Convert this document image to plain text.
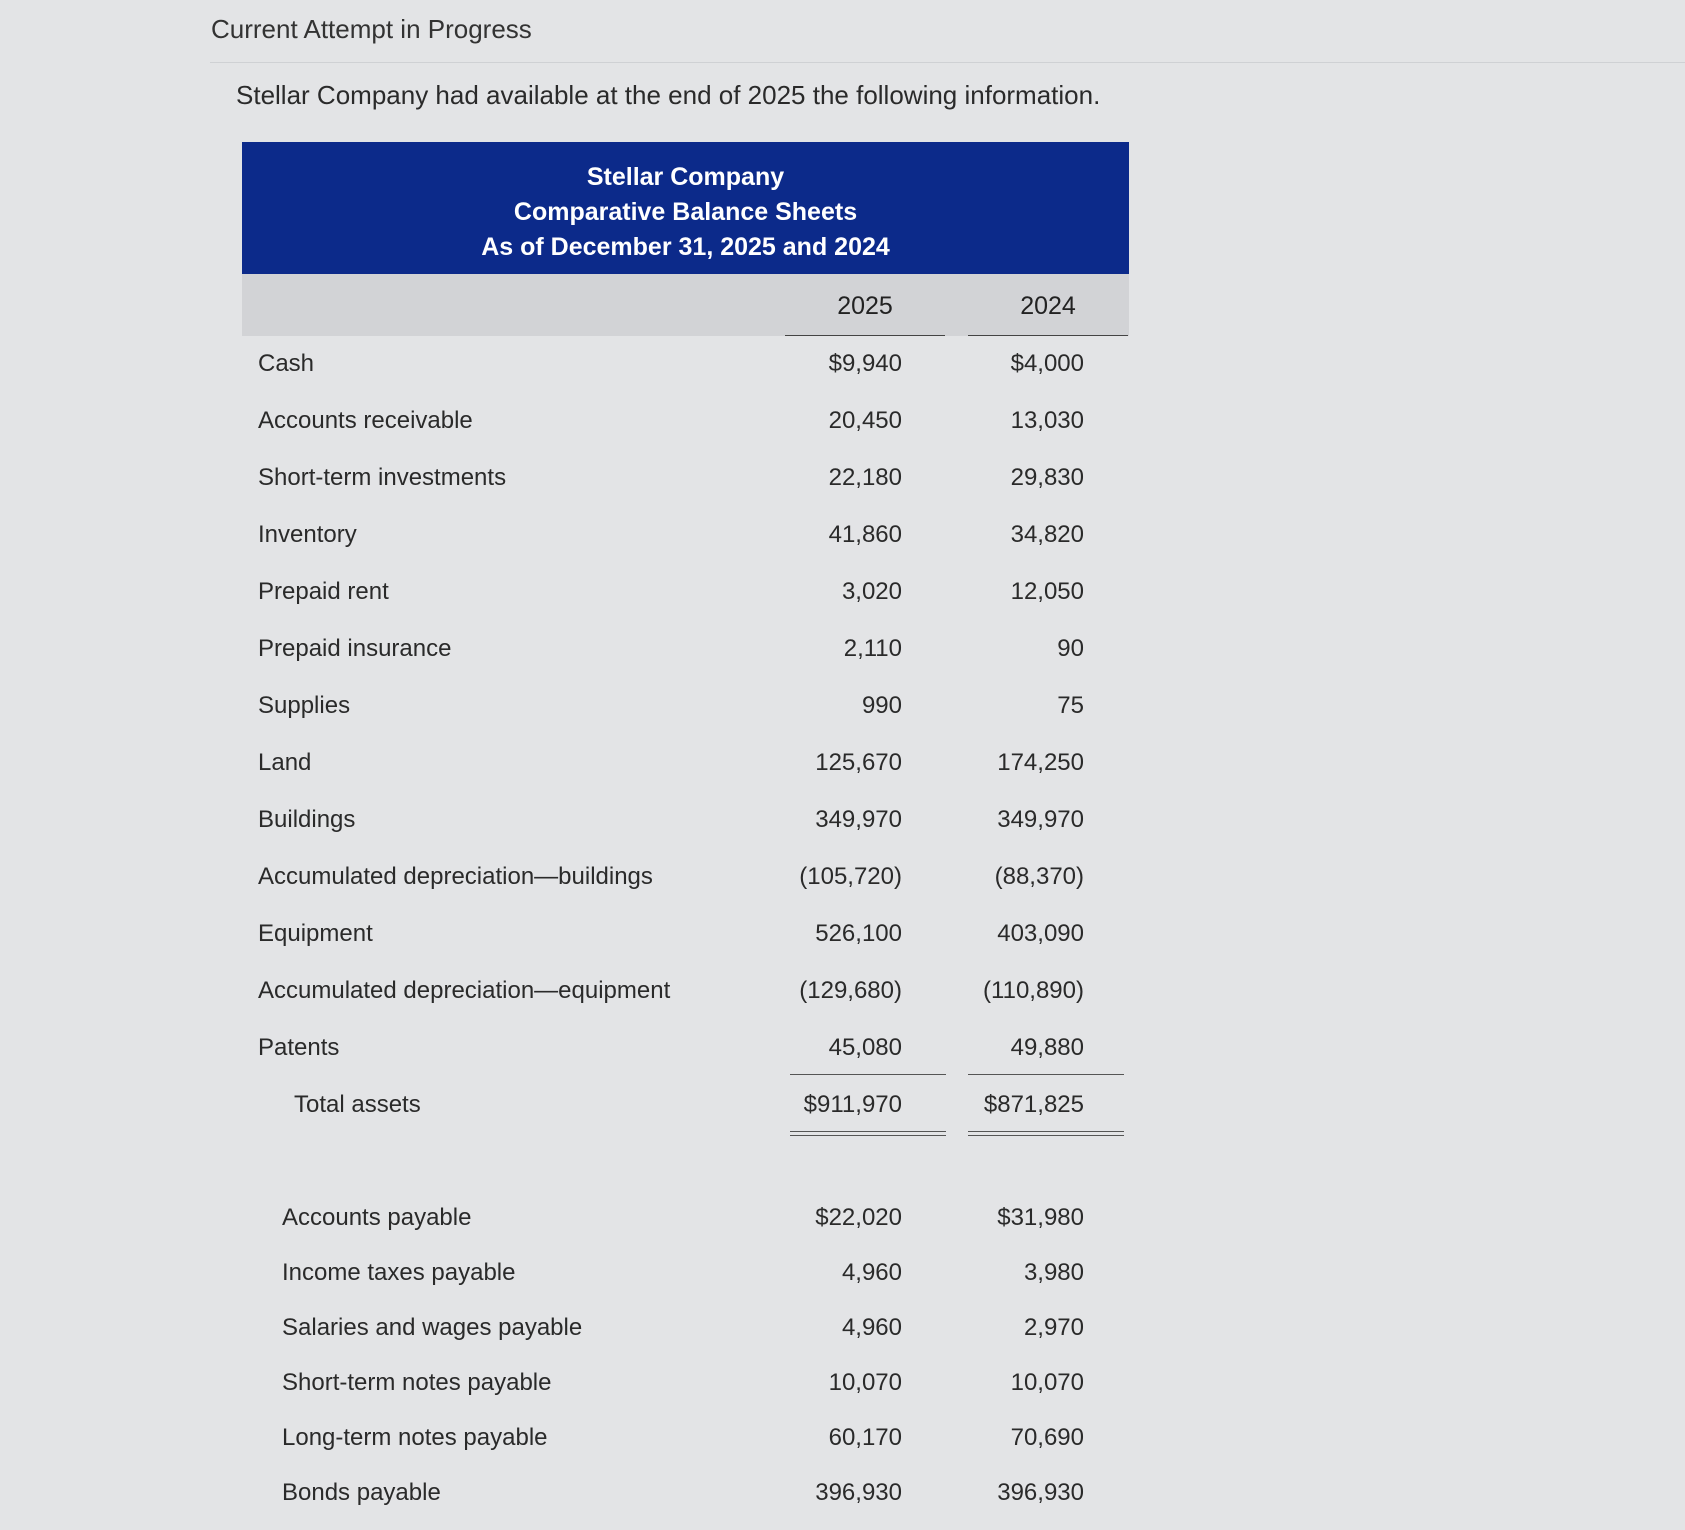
Current Attempt in Progress
Stellar Company had available at the end of 2025 the following information.
Stellar Company
Comparative Balance Sheets
As of December 31, 2025 and 2024
2025	2024
Cash	$9,940	$4,000
Accounts receivable	20,450	13,030
Short-term investments	22,180	29,830
Inventory	41,860	34,820
Prepaid rent	3,020	12,050
Prepaid insurance	2,110	90
Supplies	990	75
Land	125,670	174,250
Buildings	349,970	349,970
Accumulated depreciation—buildings	(105,720)	(88,370)
Equipment	526,100	403,090
Accumulated depreciation—equipment	(129,680)	(110,890)
Patents	45,080	49,880
Total assets	$911,970	$871,825
Accounts payable	$22,020	$31,980
Income taxes payable	4,960	3,980
Salaries and wages payable	4,960	2,970
Short-term notes payable	10,070	10,070
Long-term notes payable	60,170	70,690
Bonds payable	396,930	396,930
